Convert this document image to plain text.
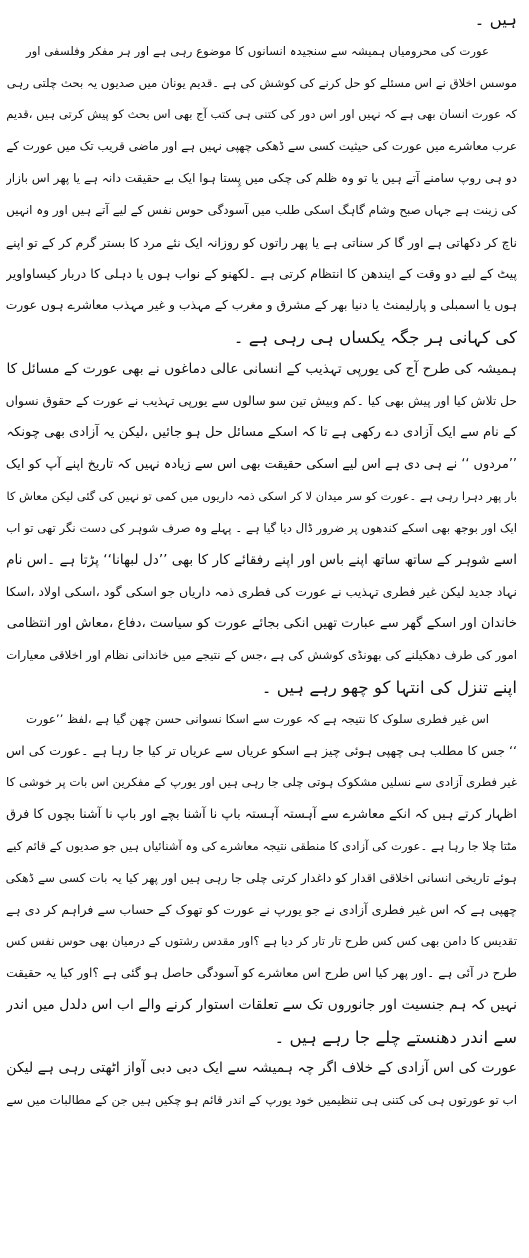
ہیں ۔
عورت کی محرومیاں ہمیشہ سے سنجیدہ انسانوں کا موضوع رہی ہے اور ہر مفکر وفلسفی اور
موسس اخلاق نے اس مسئلے کو حل کرنے کی کوشش کی ہے ۔قدیم یونان میں صدیوں یہ بحث چلتی رہی
کہ عورت انسان بھی ہے کہ نہیں اور اس دور کی کتنی ہی کتب آج بھی اس بحث کو پیش کرتی ہیں ،قدیم
عرب معاشرے میں عورت کی حیثیت کسی سے ڈھکی چھپی نہیں ہے اور ماضی قریب تک میں عورت کے
دو ہی روپ سامنے آتے ہیں یا تو وہ ظلم کی چکی میں پِستا ہوا ایک بے حقیقت دانہ ہے یا پھر اس بازار
کی زینت ہے جہاں صبح وشام گاہگ اسکی طلب میں آسودگی حوس نفس کے لیے آتے ہیں اور وہ انہیں
ناچ کر دکھاتی ہے اور گا کر سناتی ہے یا پھر راتوں کو روزانہ ایک نئے مرد کا بستر گرم کر کے تو اپنے
پیٹ کے لیے دو وقت کے ایندھن کا انتظام کرتی ہے ۔لکھنو کے نواب ہوں یا دہلی کا دربار کیساواویر
ہوں یا اسمبلی و پارلیمنٹ یا دنیا بھر کے مشرق و مغرب کے مہذب و غیر مہذب معاشرے ہوں عورت
کی کہانی ہر جگہ یکساں ہی رہی ہے ۔
ہمیشہ کی طرح آج کی یورپی تہذیب کے انسانی عالی دماغوں نے بھی عورت کے مسائل کا
حل تلاش کیا اور پیش بھی کیا ۔کم وبیش تین سو سالوں سے یورپی تہذیب نے عورت کے حقوق نسواں
کے نام سے ایک آزادی دے رکھی ہے تا کہ اسکے مسائل حل ہو جائیں ،لیکن یہ آزادی بھی چونکہ
’’مردوں ‘‘ نے ہی دی ہے اس لیے اسکی حقیقت بھی اس سے زیادہ نہیں کہ تاریخ اپنے آپ کو ایک
بار پھر دہرا رہی ہے ۔عورت کو سر میدان لا کر اسکی ذمہ داریوں میں کمی تو نہیں کی گئی لیکن معاش کا
ایک اور بوجھ بھی اسکے کندھوں پر ضرور ڈال دیا گیا ہے ۔ پہلے وہ صرف شوہر کی دست نگر تھی تو اب
اسے شوہر کے ساتھ ساتھ اپنے باس اور اپنے رفقائے کار کا بھی ’’دل لبھانا‘‘ پڑتا ہے ۔اس نام
نہاد جدید لیکن غیر فطری تہذیب نے عورت کی فطری ذمہ داریاں جو اسکی گود ،اسکی اولاد ،اسکا
خاندان اور اسکے گھر سے عبارت تھیں انکی بجائے عورت کو سیاست ،دفاع ،معاش اور انتظامی
امور کی طرف دھکیلنے کی بھونڈی کوشش کی ہے ،جس کے نتیجے میں خاندانی نظام اور اخلاقی معیارات
اپنے تنزل کی انتہا کو چھو رہے ہیں ۔
اس غیر فطری سلوک کا نتیجہ ہے کہ عورت سے اسکا نسوانی حسن چھن گیا ہے ،لفظ ’’عورت
‘‘ جس کا مطلب ہی چھپی ہوئی چیز ہے اسکو عریاں سے عریاں تر کیا جا رہا ہے ۔عورت کی اس
غیر فطری آزادی سے نسلیں مشکوک ہوتی چلی جا رہی ہیں اور یورپ کے مفکرین اس بات پر خوشی کا
اظہار کرتے ہیں کہ انکے معاشرے سے آہستہ آہستہ باپ نا آشنا بچے اور باپ نا آشنا بچوں کا فرق
مٹتا چلا جا رہا ہے ۔عورت کی آزادی کا منطقی نتیجہ معاشرے کی وہ آشنائیاں ہیں جو صدیوں کے قائم کیے
ہوئے تاریخی انسانی اخلاقی اقدار کو داغدار کرتی چلی جا رہی ہیں اور پھر کیا یہ بات کسی سے ڈھکی
چھپی ہے کہ اس غیر فطری آزادی نے جو یورپ نے عورت کو تھوک کے حساب سے فراہم کر دی ہے
تقدیس کا دامن بھی کس کس طرح تار تار کر دیا ہے ؟اور مقدس رشتوں کے درمیان بھی حوس نفس کس
طرح در آئی ہے ۔اور پھر کیا اس طرح اس معاشرے کو آسودگی حاصل ہو گئی ہے ؟اور کیا یہ حقیقت
نہیں کہ ہم جنسیت اور جانوروں تک سے تعلقات استوار کرنے والے اب اس دلدل میں اندر
سے اندر دھنستے چلے جا رہے ہیں ۔
عورت کی اس آزادی کے خلاف اگر چہ ہمیشہ سے ایک دبی دبی آواز اٹھتی رہی ہے لیکن
اب تو عورتوں ہی کی کتنی ہی تنظیمیں خود یورپ کے اندر قائم ہو چکیں ہیں جن کے مطالبات میں سے
